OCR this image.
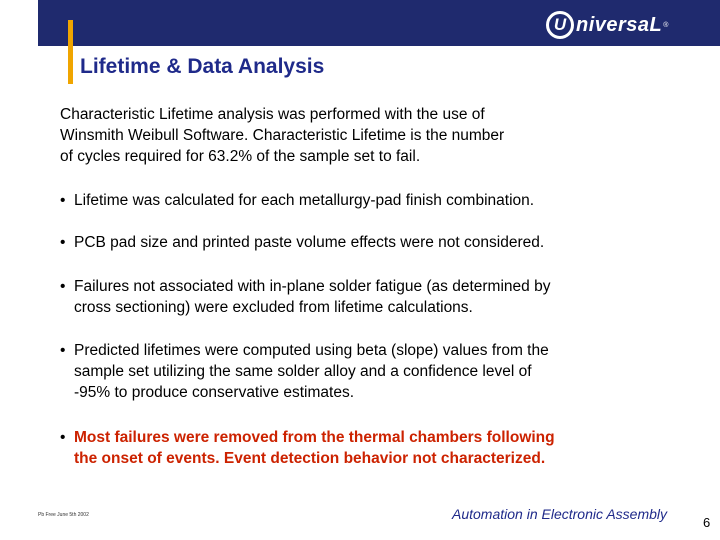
U niversaL ®
Lifetime & Data Analysis

Characteristic Lifetime analysis was performed with the use of
Winsmith Weibull Software. Characteristic Lifetime is the number
of cycles required for 63.2% of the sample set to fail.

• Lifetime was calculated for each metallurgy-pad finish combination.
• PCB pad size and printed paste volume effects were not considered.
• Failures not associated with in-plane solder fatigue (as determined by
cross sectioning) were excluded from lifetime calculations.
• Predicted lifetimes were computed using beta (slope) values from the
sample set utilizing the same solder alloy and a confidence level of
-95% to produce conservative estimates.
• Most failures were removed from the thermal chambers following
the onset of events. Event detection behavior not characterized.
Pb Free June 5th 2002	Automation in Electronic Assembly
6
